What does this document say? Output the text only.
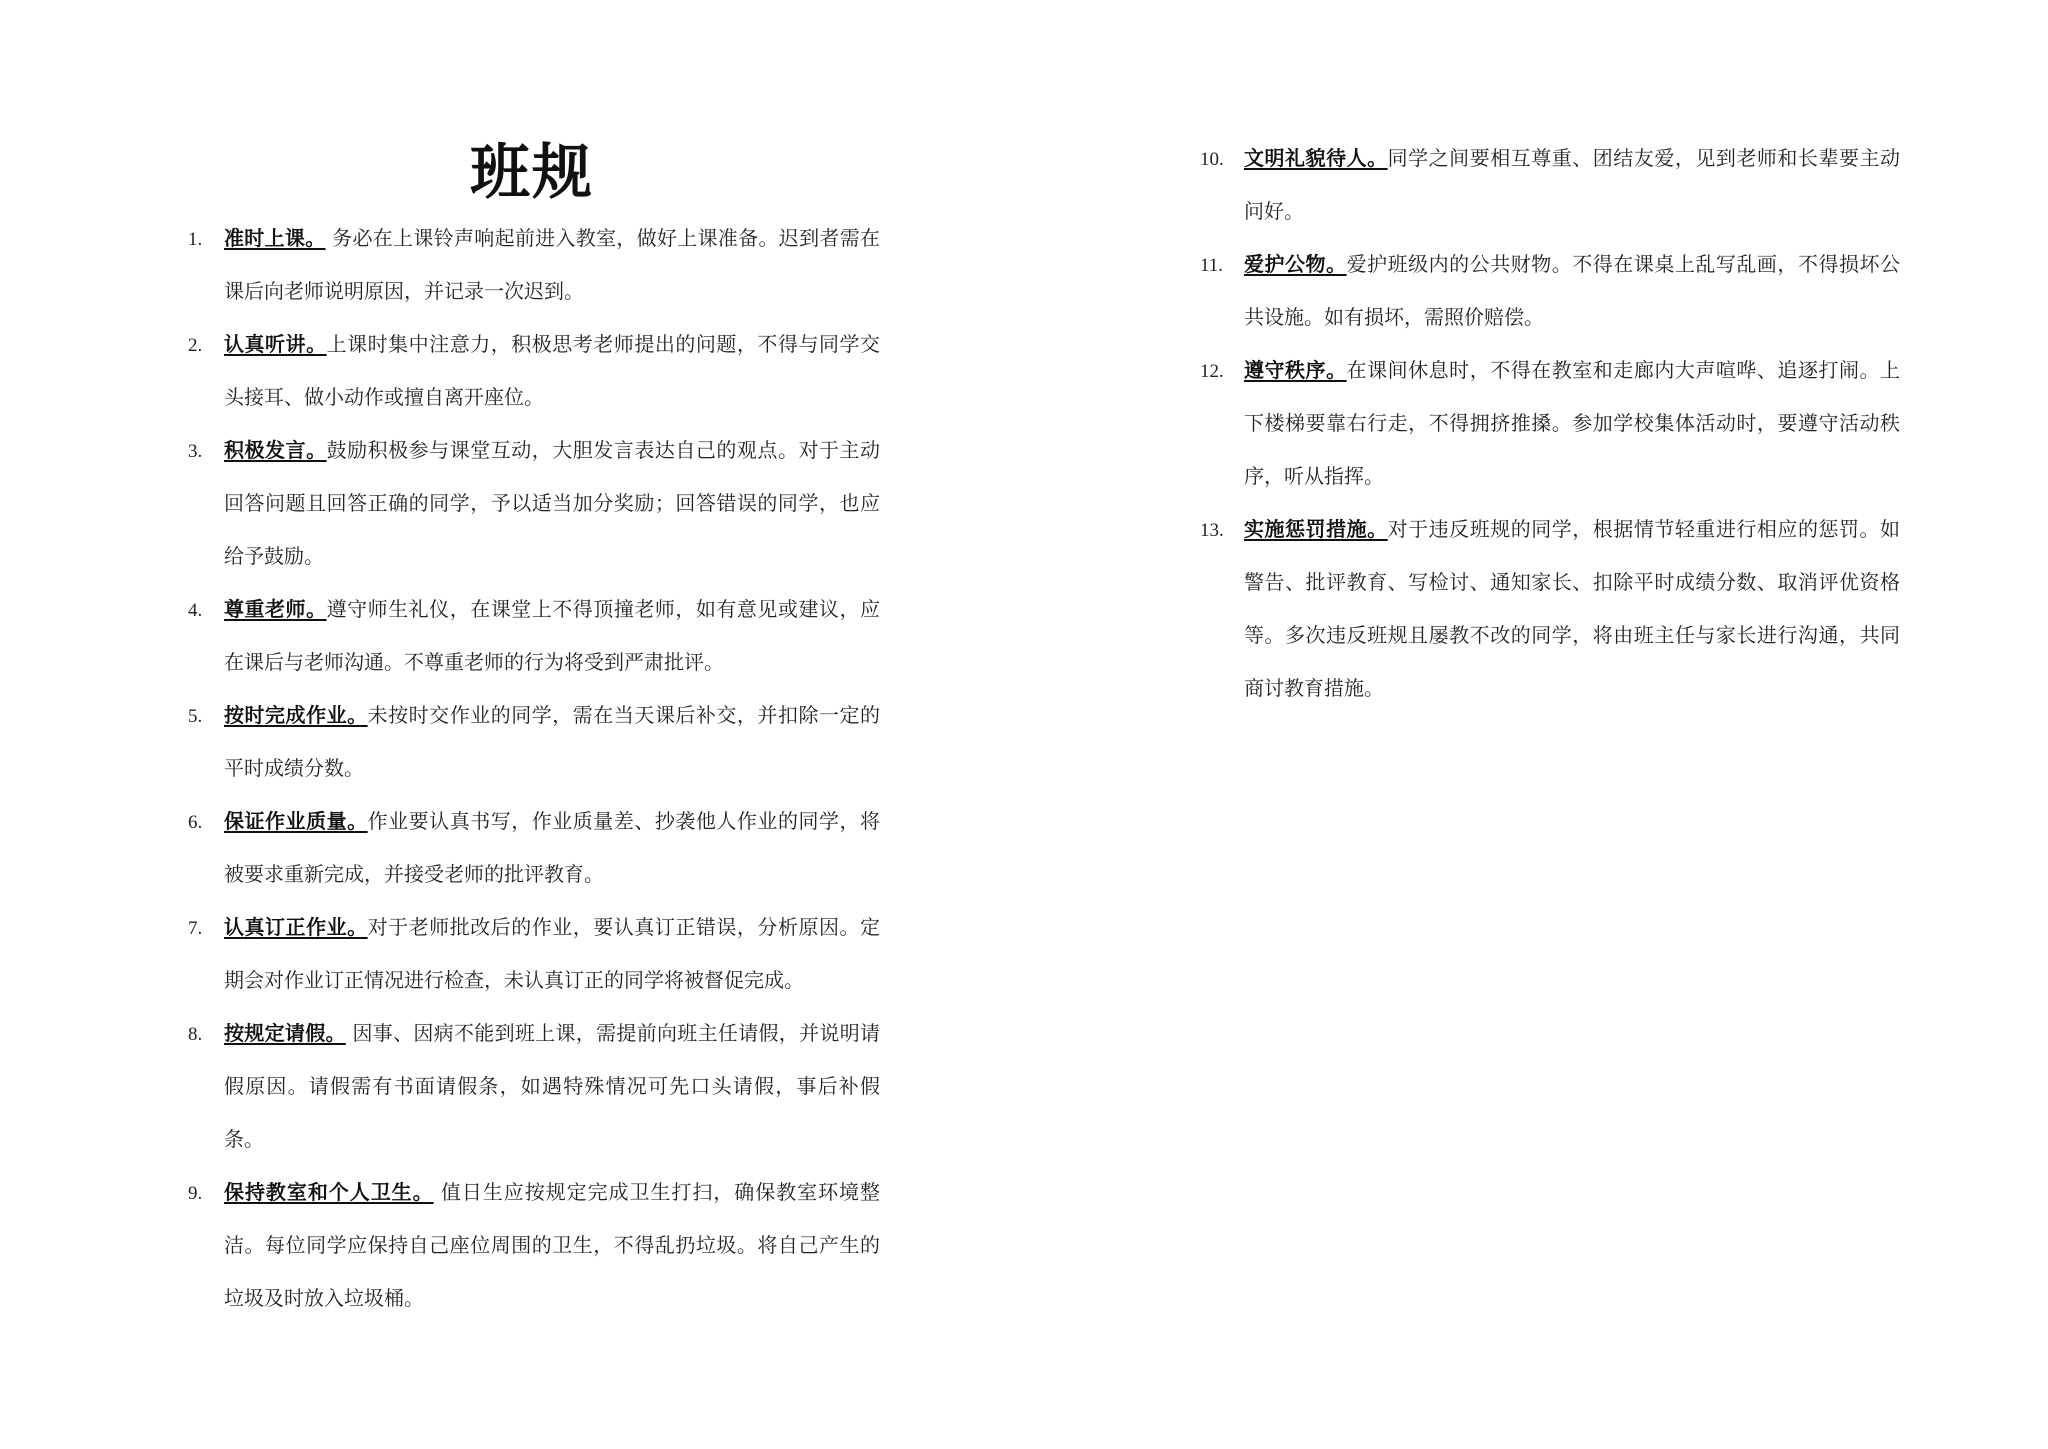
班规
1.	准时上课。 务必在上课铃声响起前进入教室，做好上课准备。迟到者需在课后向老师说明原因，并记录一次迟到。
2.	认真听讲。上课时集中注意力，积极思考老师提出的问题，不得与同学交头接耳、做小动作或擅自离开座位。
3.	积极发言。鼓励积极参与课堂互动，大胆发言表达自己的观点。对于主动回答问题且回答正确的同学，予以适当加分奖励；回答错误的同学，也应给予鼓励。
4.	尊重老师。遵守师生礼仪，在课堂上不得顶撞老师，如有意见或建议，应在课后与老师沟通。不尊重老师的行为将受到严肃批评。
5.	按时完成作业。未按时交作业的同学，需在当天课后补交，并扣除一定的平时成绩分数。
6.	保证作业质量。作业要认真书写，作业质量差、抄袭他人作业的同学，将被要求重新完成，并接受老师的批评教育。
7.	认真订正作业。对于老师批改后的作业，要认真订正错误，分析原因。定期会对作业订正情况进行检查，未认真订正的同学将被督促完成。
8.	按规定请假。 因事、因病不能到班上课，需提前向班主任请假，并说明请假原因。请假需有书面请假条，如遇特殊情况可先口头请假，事后补假条。
9.	保持教室和个人卫生。 值日生应按规定完成卫生打扫，确保教室环境整洁。每位同学应保持自己座位周围的卫生，不得乱扔垃圾。将自己产生的垃圾及时放入垃圾桶。
10.	文明礼貌待人。同学之间要相互尊重、团结友爱，见到老师和长辈要主动问好。
11.	爱护公物。爱护班级内的公共财物。不得在课桌上乱写乱画，不得损坏公共设施。如有损坏，需照价赔偿。
12.	遵守秩序。在课间休息时，不得在教室和走廊内大声喧哗、追逐打闹。上下楼梯要靠右行走，不得拥挤推搡。参加学校集体活动时，要遵守活动秩序，听从指挥。
13.	实施惩罚措施。对于违反班规的同学，根据情节轻重进行相应的惩罚。如警告、批评教育、写检讨、通知家长、扣除平时成绩分数、取消评优资格等。多次违反班规且屡教不改的同学，将由班主任与家长进行沟通，共同商讨教育措施。
